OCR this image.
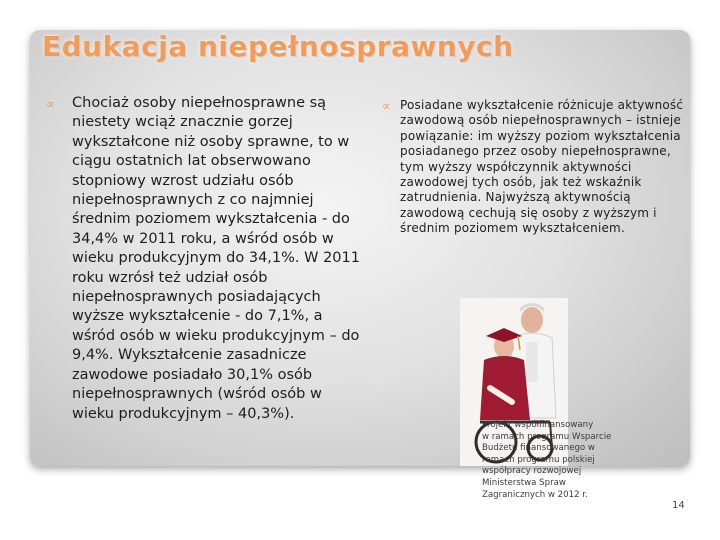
Edukacja niepełnosprawnych
∝ Chociaż osoby niepełnosprawne są niestety wciąż znacznie gorzej wykształcone niż osoby sprawne, to w ciągu ostatnich lat obserwowano stopniowy wzrost udziału osób niepełnosprawnych z co najmniej średnim poziomem wykształcenia - do 34,4% w 2011 roku, a wśród osób w wieku produkcyjnym do 34,1%. W 2011 roku wzrósł też udział osób niepełnosprawnych posiadających wyższe wykształcenie - do 7,1%, a wśród osób w wieku produkcyjnym – do 9,4%. Wykształcenie zasadnicze zawodowe posiadało 30,1% osób niepełnosprawnych (wśród osób w wieku produkcyjnym – 40,3%).
∝ Posiadane wykształcenie różnicuje aktywność zawodową osób niepełnosprawnych – istnieje powiązanie: im wyższy poziom wykształcenia posiadanego przez osoby niepełnosprawne, tym wyższy współczynnik aktywności zawodowej tych osób, jak też wskaźnik zatrudnienia. Najwyższą aktywnością zawodową cechują się osoby z wyższym i średnim poziomem wykształceniem.
Projekt współfinansowany
w ramach programu Wsparcie
Budżetu finansowanego w
ramach programu polskiej
współpracy rozwojowej
Ministerstwa Spraw
Zagranicznych w 2012 r.
14
